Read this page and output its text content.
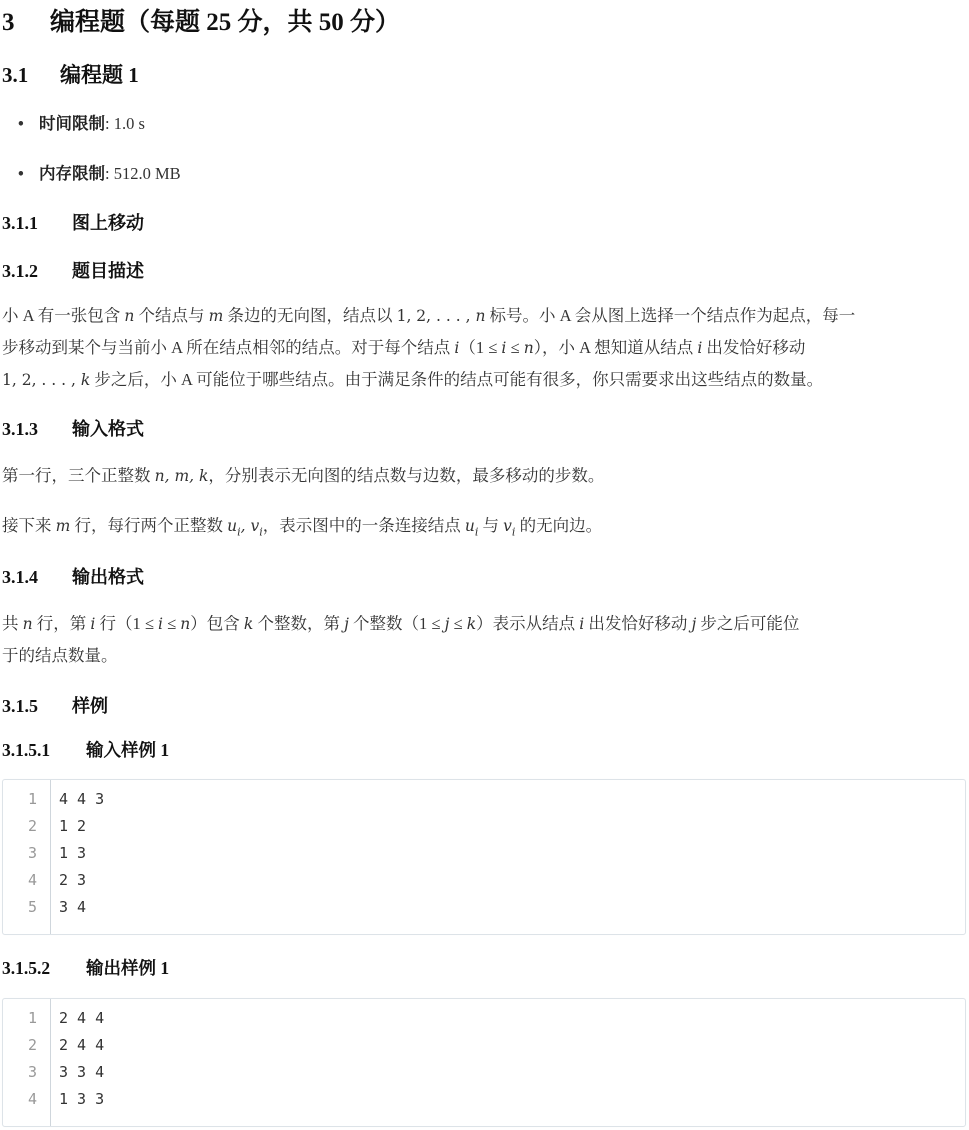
3 编程题（每题 25 分，共 50 分）
3.1 编程题 1
• 时间限制: 1.0 s
• 内存限制: 512.0 MB
3.1.1 图上移动
3.1.2 题目描述
小 A 有一张包含 n 个结点与 m 条边的无向图，结点以 1, 2, . . . , n 标号。小 A 会从图上选择一个结点作为起点，每一
步移动到某个与当前小 A 所在结点相邻的结点。对于每个结点 i（1 ≤ i ≤ n），小 A 想知道从结点 i 出发恰好移动
1, 2, . . . , k 步之后，小 A 可能位于哪些结点。由于满足条件的结点可能有很多，你只需要求出这些结点的数量。
3.1.3 输入格式
第一行，三个正整数 n, m, k，分别表示无向图的结点数与边数，最多移动的步数。
接下来 m 行，每行两个正整数 $u_i$, $v_i$，表示图中的一条连接结点 $u_i$ 与 $v_i$ 的无向边。
3.1.4 输出格式
共 n 行，第 i 行（1 ≤ i ≤ n）包含 k 个整数，第 j 个整数（1 ≤ j ≤ k）表示从结点 i 出发恰好移动 j 步之后可能位
于的结点数量。
3.1.5 样例
3.1.5.1 输入样例 1
1 4 4 3
2 1 2
3 1 3
4 2 3
5 3 4
3.1.5.2 输出样例 1
1 2 4 4
2 2 4 4
3 3 3 4
4 1 3 3
